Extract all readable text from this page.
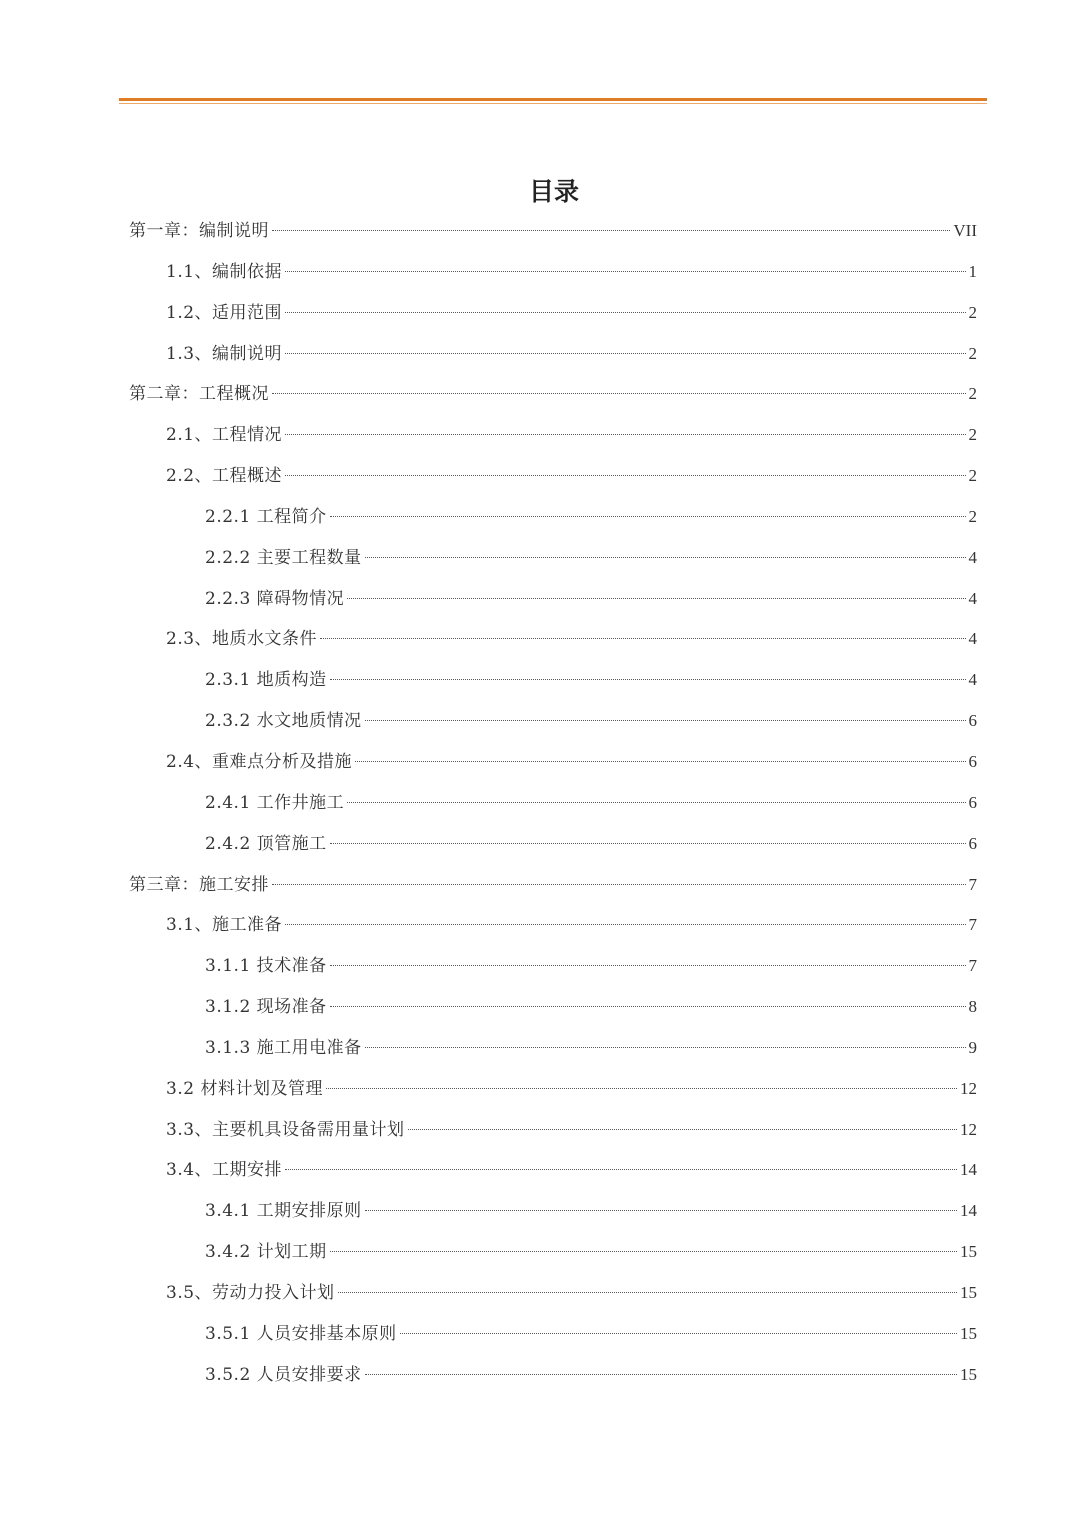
目录
第一章：编制说明	VII
1.1、编制依据	1
1.2、适用范围	2
1.3、编制说明	2
第二章：工程概况	2
2.1、工程情况	2
2.2、工程概述	2
2.2.1 工程简介	2
2.2.2 主要工程数量	4
2.2.3 障碍物情况	4
2.3、地质水文条件	4
2.3.1 地质构造	4
2.3.2 水文地质情况	6
2.4、重难点分析及措施	6
2.4.1 工作井施工	6
2.4.2 顶管施工	6
第三章：施工安排	7
3.1、施工准备	7
3.1.1 技术准备	7
3.1.2 现场准备	8
3.1.3 施工用电准备	9
3.2 材料计划及管理	12
3.3、主要机具设备需用量计划	12
3.4、工期安排	14
3.4.1 工期安排原则	14
3.4.2 计划工期	15
3.5、劳动力投入计划	15
3.5.1 人员安排基本原则	15
3.5.2 人员安排要求	15
